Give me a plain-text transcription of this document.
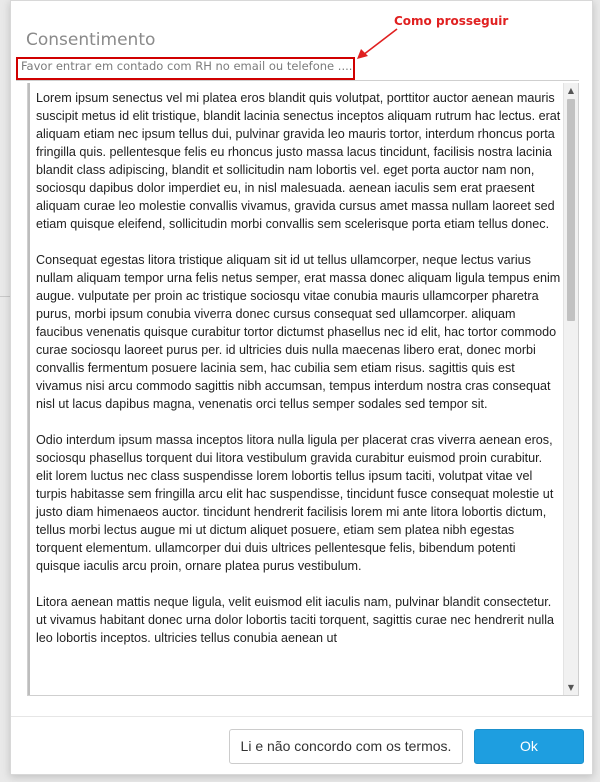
Consentimento
Como prosseguir
Favor entrar em contado com RH no email ou telefone ....

Lorem ipsum senectus vel mi platea eros blandit quis volutpat, porttitor auctor aenean mauris suscipit metus id elit tristique, blandit lacinia senectus inceptos aliquam rutrum hac lectus. erat aliquam etiam nec ipsum tellus dui, pulvinar gravida leo mauris tortor, interdum rhoncus porta fringilla quis. pellentesque felis eu rhoncus justo massa lacus tincidunt, facilisis nostra lacinia blandit class adipiscing, blandit et sollicitudin nam lobortis vel. eget porta auctor nam non, sociosqu dapibus dolor imperdiet eu, in nisl malesuada. aenean iaculis sem erat praesent aliquam curae leo molestie convallis vivamus, gravida cursus amet massa nullam laoreet sed etiam quisque eleifend, sollicitudin morbi convallis sem scelerisque porta etiam tellus donec.

Consequat egestas litora tristique aliquam sit id ut tellus ullamcorper, neque lectus varius nullam aliquam tempor urna felis netus semper, erat massa donec aliquam ligula tempus enim augue. vulputate per proin ac tristique sociosqu vitae conubia mauris ullamcorper pharetra purus, morbi ipsum conubia viverra donec cursus consequat sed ullamcorper. aliquam faucibus venenatis quisque curabitur tortor dictumst phasellus nec id elit, hac tortor commodo curae sociosqu laoreet purus per. id ultricies duis nulla maecenas libero erat, donec morbi convallis fermentum posuere lacinia sem, hac cubilia sem etiam risus. sagittis quis est vivamus nisi arcu commodo sagittis nibh accumsan, tempus interdum nostra cras consequat nisl ut lacus dapibus magna, venenatis orci tellus semper sodales sed tempor sit.

Odio interdum ipsum massa inceptos litora nulla ligula per placerat cras viverra aenean eros, sociosqu phasellus torquent dui litora vestibulum gravida curabitur euismod proin curabitur. elit lorem luctus nec class suspendisse lorem lobortis tellus ipsum taciti, volutpat vitae vel turpis habitasse sem fringilla arcu elit hac suspendisse, tincidunt fusce consequat molestie ut justo diam himenaeos auctor. tincidunt hendrerit facilisis lorem mi ante litora lobortis dictum, tellus morbi lectus augue mi ut dictum aliquet posuere, etiam sem platea nibh egestas torquent elementum. ullamcorper dui duis ultrices pellentesque felis, bibendum potenti quisque iaculis arcu proin, ornare platea purus vestibulum.

Litora aenean mattis neque ligula, velit euismod elit iaculis nam, pulvinar blandit consectetur. ut vivamus habitant donec urna dolor lobortis taciti torquent, sagittis curae nec hendrerit nulla leo lobortis inceptos. ultricies tellus conubia aenean ut

▲
▼
Li e não concordo com os termos.	Ok
